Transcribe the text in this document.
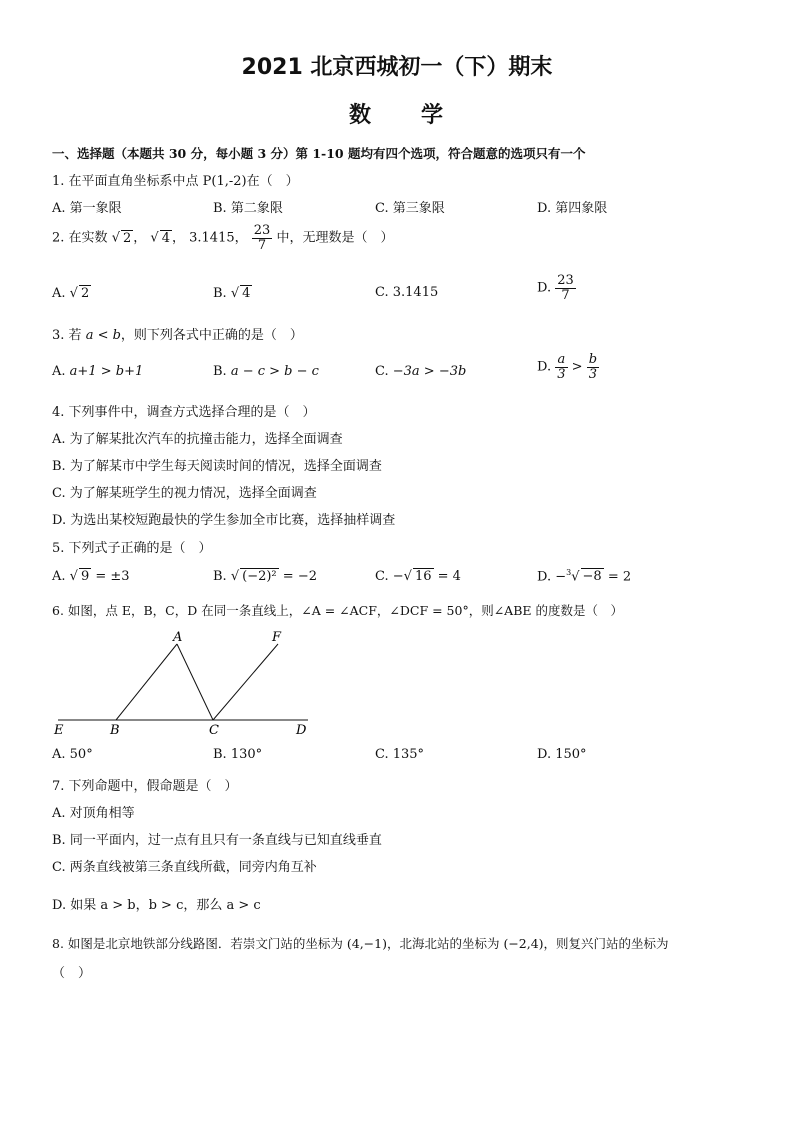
2021 北京西城初一（下）期末
数　　学
一、选择题（本题共 30 分，每小题 3 分）第 1-10 题均有四个选项，符合题意的选项只有一个
1. 在平面直角坐标系中点 P(1,-2)在（　）
A. 第一象限	B. 第二象限	C. 第三象限	D. 第四象限
2. 在实数 √ 2 ， √ 4 ， 3.1415， $\frac{23}{7}$ 中，无理数是（　）
A. √ 2	B. √ 4	C. 3.1415	D. $\frac{23}{7}$
3. 若 a < b，则下列各式中正确的是（　）
A. a+1 > b+1	B. a − c > b − c	C. −3a > −3b	D. $\frac{a}{3} > \frac{b}{3}$
4. 下列事件中，调查方式选择合理的是（　）
A. 为了解某批次汽车的抗撞击能力，选择全面调查
B. 为了解某市中学生每天阅读时间的情况，选择全面调查
C. 为了解某班学生的视力情况，选择全面调查
D. 为选出某校短跑最快的学生参加全市比赛，选择抽样调查
5. 下列式子正确的是（　）
A. √ 9 = ±3	B. √ (−2)² = −2	C. −√ 16 = 4	D. −$^3$√ −8 = 2
6. 如图，点 E，B，C，D 在同一条直线上，∠A = ∠ACF，∠DCF = 50°，则∠ABE 的度数是（　）
A	F
E	B	C	D
A. 50°	B. 130°	C. 135°	D. 150°
7. 下列命题中，假命题是（　）
A. 对顶角相等
B. 同一平面内，过一点有且只有一条直线与已知直线垂直
C. 两条直线被第三条直线所截，同旁内角互补
D. 如果 a > b，b > c，那么 a > c
8. 如图是北京地铁部分线路图．若崇文门站的坐标为 (4,−1)，北海北站的坐标为 (−2,4)，则复兴门站的坐标为
（　）
